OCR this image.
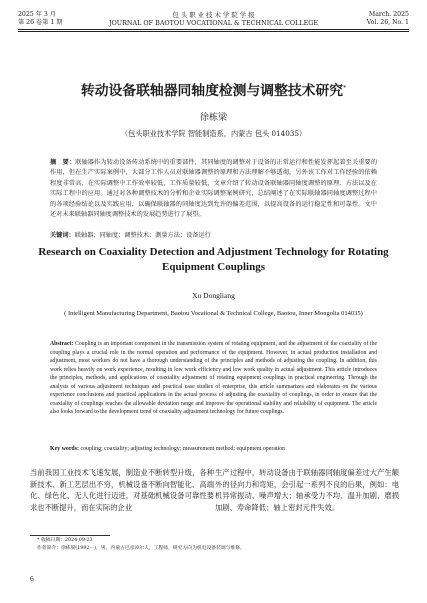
2025 年 3 月
第 26 卷第 1 期
包 头 职 业 技 术 学 院 学 报
JOURNAL OF BAOTOU VOCATIONAL & TECHNICAL COLLEGE
March. 2025
Vol. 26, No. 1
转动设备联轴器同轴度检测与调整技术研究*
徐栋梁
（包头职业技术学院 智能制造系，内蒙古 包头 014035）
摘　要：联轴器作为转动设备传动系统中的重要部件，其同轴度的调整对于设备的正常运行和性能发挥起着至关重要的作用，但在生产实际案例中，大部分工作人员对联轴器调整的原理和方法理解不够透彻，另外该工作对工作经验的依赖程度非常高，在实际调整中工作效率较低，工作质量较低，文章介绍了转动设备联轴器同轴度调整的原理、方法以及在实际工程中的应用。通过对各种调整技术的分析和企业实际调整案例研究，总结阐述了在实际联轴器同轴度调整过程中的各项经验结论以及实践应用，以确保联轴器的同轴度达到允许的偏差范围，以提高设备的运行稳定性和可靠性。文中还对未来联轴器同轴度调整技术的发展趋势进行了展望。
关键词：联轴器；同轴度；调整技术；测量方法；设备运行
Research on Coaxiality Detection and Adjustment Technology for Rotating Equipment Couplings
Xu Dongliang
( Intelligent Manufacturing Department, Baotou Vocational & Technical College, Baotou, Inner Mongolia 014035)
Abstract: Coupling is an important component in the transmission system of rotating equipment, and the adjustment of the coaxiality of the coupling plays a crucial role in the normal operation and performance of the equipment. However, in actual production installation and adjustment, most workers do not have a thorough understanding of the principles and methods of adjusting the coupling. In addition, this work relies heavily on work experience, resulting in low work efficiency and low work quality in actual adjustment. This article introduces the principles, methods, and applications of coaxiality adjustment of rotating equipment couplings in practical engineering. Through the analysis of various adjustment techniques and practical case studies of enterprise, this article summarizes and elaborates on the various experience conclusions and practical applications in the actual process of adjusting the coaxiality of couplings, in order to ensure that the coaxiality of couplings reaches the allowable deviation range and improve the operational stability and reliability of equipment. The article also looks forward to the development trend of coaxiality adjustment technology for future couplings.
Key words: coupling; coaxiality; adjusting technology; measurement method; equipment operation
当前我国工业技术飞速发展，制造业不断转型升级，各种新技术、新工艺层出不穷，机械设备不断向智能化、高端化、绿色化、无人化进行迈进，对基础机械设备可靠性要求也不断提升，而在实际的企业
生产过程中，转动设备由于联轴器同轴度偏差过大产生额外的径向力和弯矩，会引起一系列不良的后果，例如：电机异常振动、噪声增大；轴承受力不均、温升加剧、磨损加剧、寿命降低；轴上密封元件失效。
* 收稿日期：2024-09-23
作者简介：徐栋梁(1992－)，男，内蒙古巴彦淖尔人，工程师，研究方向为机电设备装调与维修。
6
